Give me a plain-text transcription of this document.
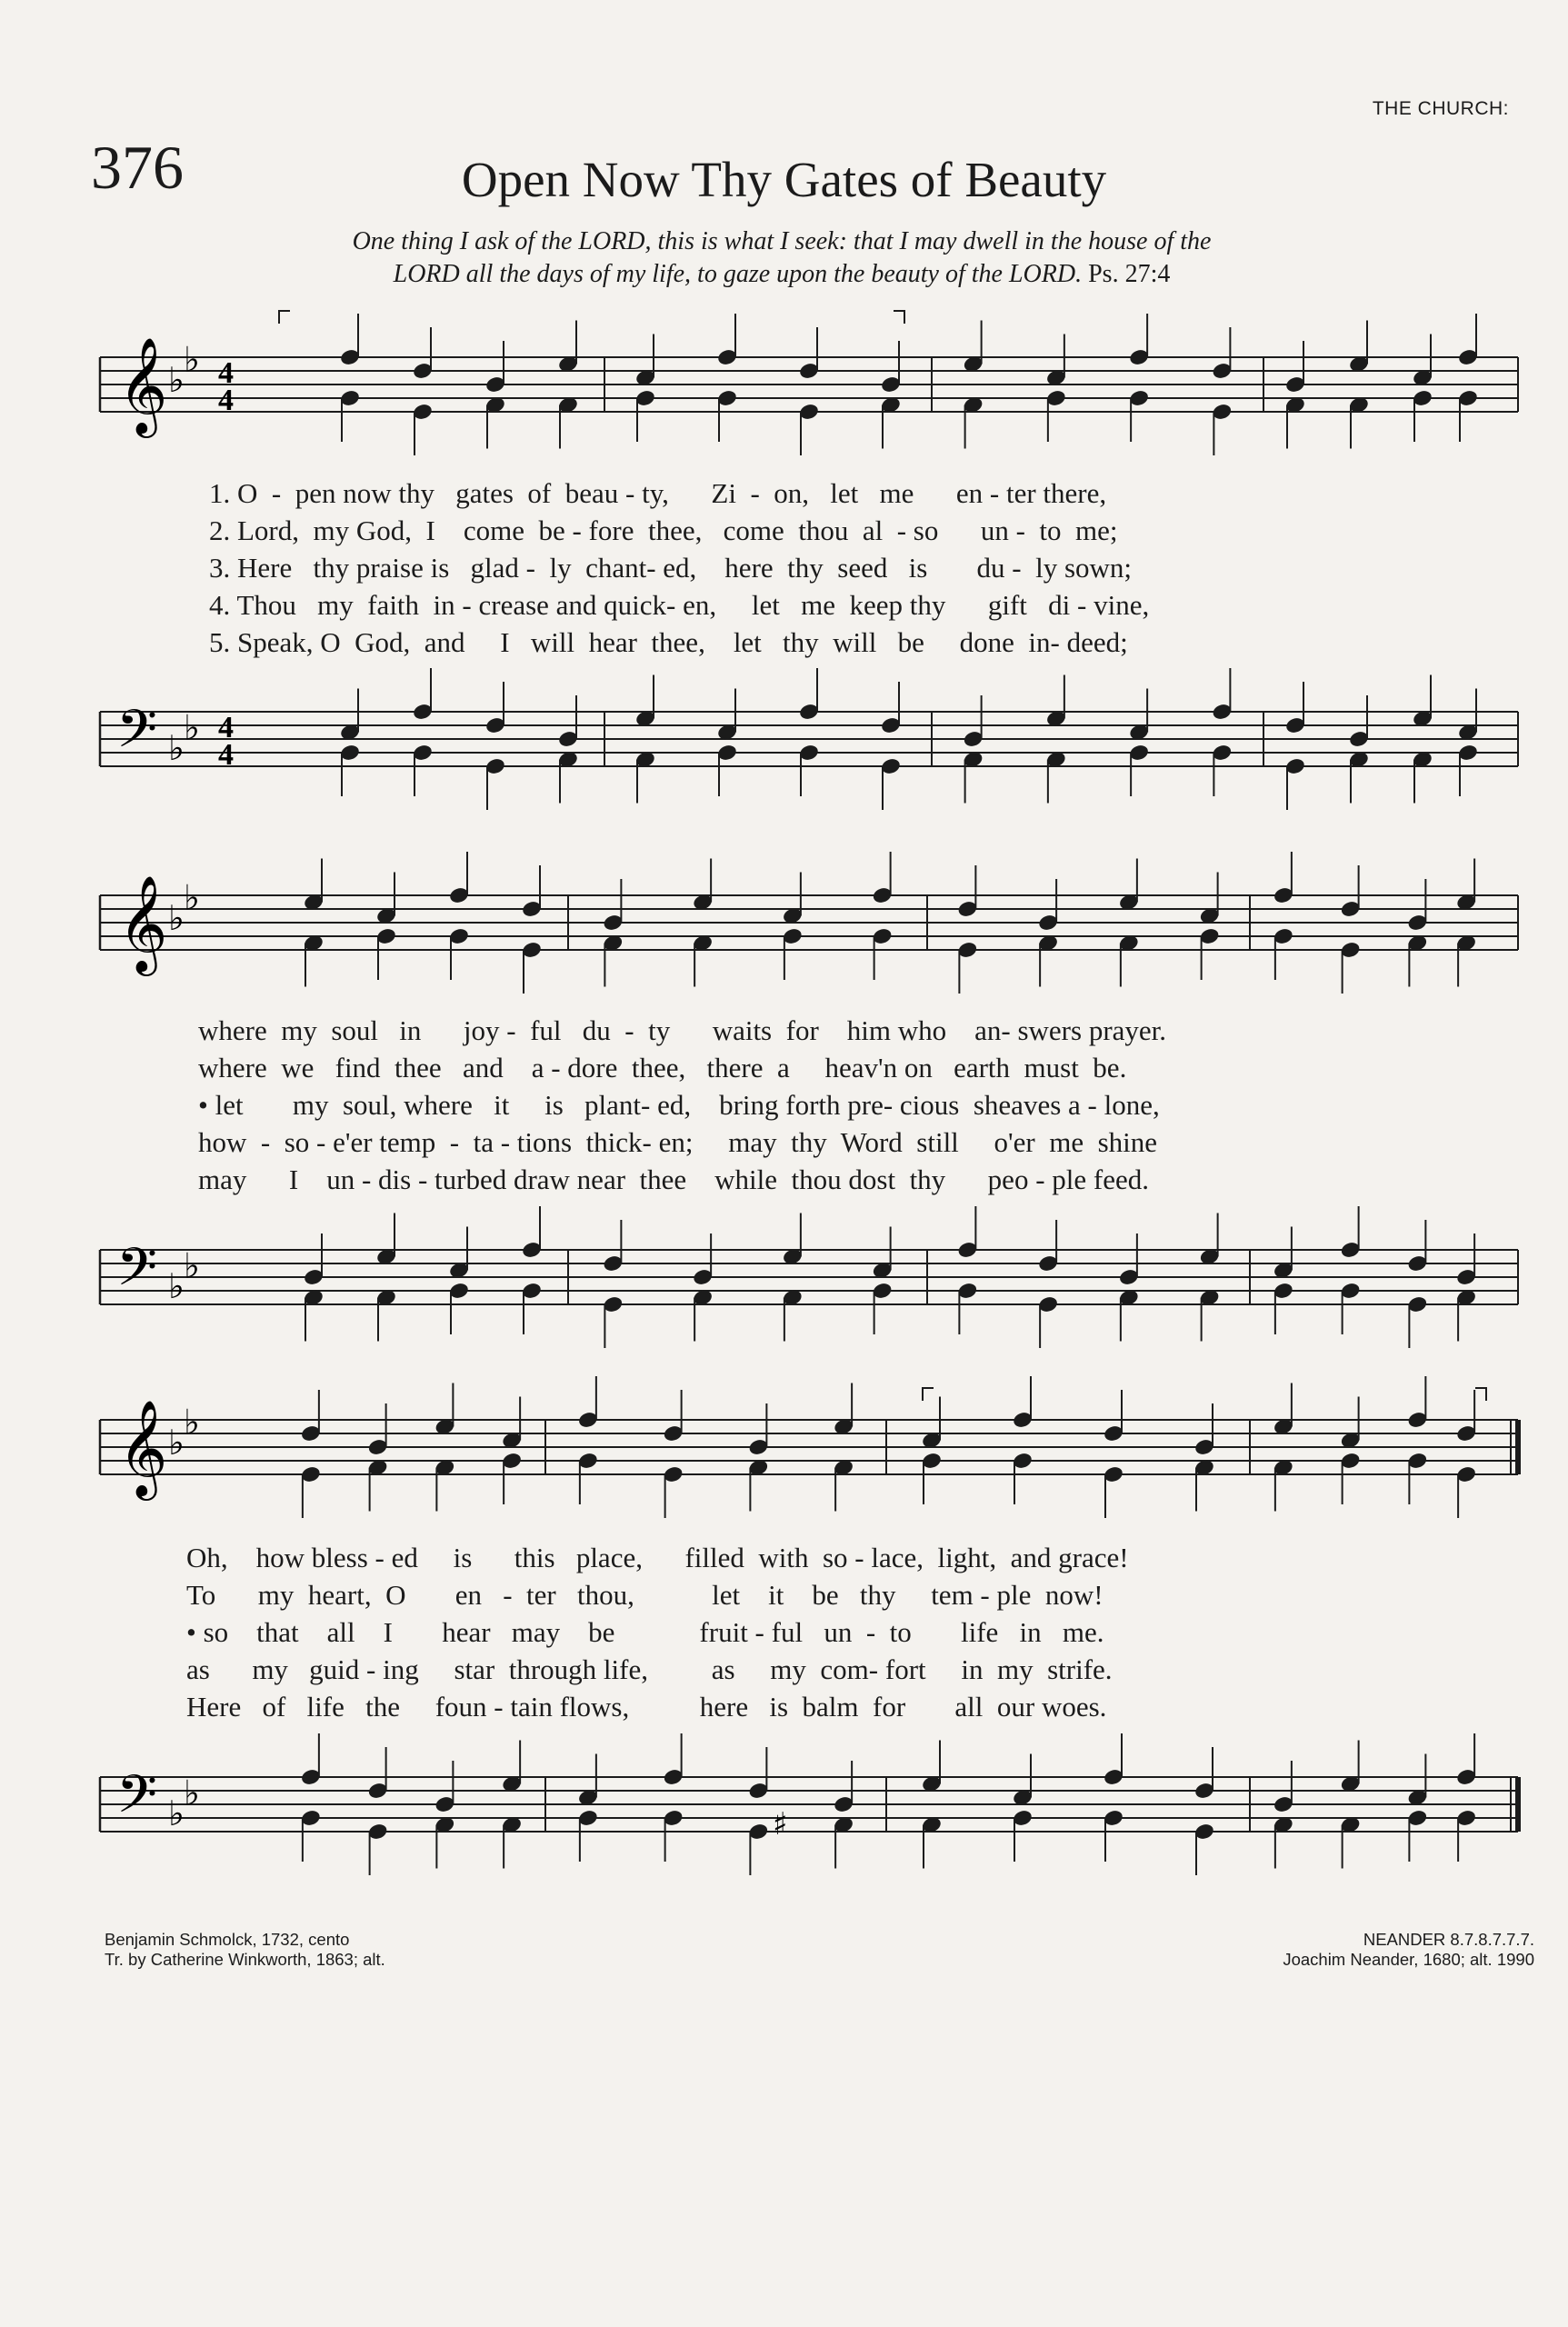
THE CHURCH:
376	Open Now Thy Gates of Beauty
One thing I ask of the LORD, this is what I seek: that I may dwell in the house of the
LORD all the days of my life, to gaze upon the beauty of the LORD. Ps. 27:4
𝄞 ♭
♭ 4
4
𝄢 ♭
♭ 4
4
𝄞 ♭
♭
𝄢 ♭
♭
𝄞 ♭
♭
𝄢 ♭
♭
♯
1. O  -  pen now thy   gates  of  beau - ty,      Zi  -  on,   let   me      en - ter there,
2. Lord,  my God,  I    come  be - fore  thee,   come  thou  al  - so      un -  to  me;
3. Here   thy praise is   glad -  ly  chant- ed,    here  thy  seed   is       du -  ly sown;
4. Thou   my  faith  in - crease and quick- en,     let   me  keep thy      gift   di - vine,
5. Speak, O  God,  and     I   will  hear  thee,    let   thy  will   be     done  in- deed;
where  my  soul   in      joy -  ful   du  -  ty      waits  for    him who    an- swers prayer.
where  we   find  thee   and    a - dore  thee,   there  a     heav'n on   earth  must  be.
• let       my  soul, where   it     is   plant- ed,    bring forth pre- cious  sheaves a - lone,
how  -  so - e'er temp  -  ta - tions  thick- en;     may  thy  Word  still     o'er  me  shine
may      I    un - dis - turbed draw near  thee    while  thou dost  thy      peo - ple feed.
Oh,    how bless - ed     is      this   place,      filled  with  so - lace,  light,  and grace!
To      my  heart,  O       en   -  ter   thou,           let    it    be   thy     tem - ple  now!
• so    that    all    I       hear   may    be            fruit - ful   un  -  to       life   in   me.
as      my   guid - ing     star  through life,         as     my  com- fort     in  my  strife.
Here   of   life   the     foun - tain flows,          here   is  balm  for       all  our woes.
Benjamin Schmolck, 1732, cento
Tr. by Catherine Winkworth, 1863; alt.
NEANDER 8.7.8.7.7.7.
Joachim Neander, 1680; alt. 1990
